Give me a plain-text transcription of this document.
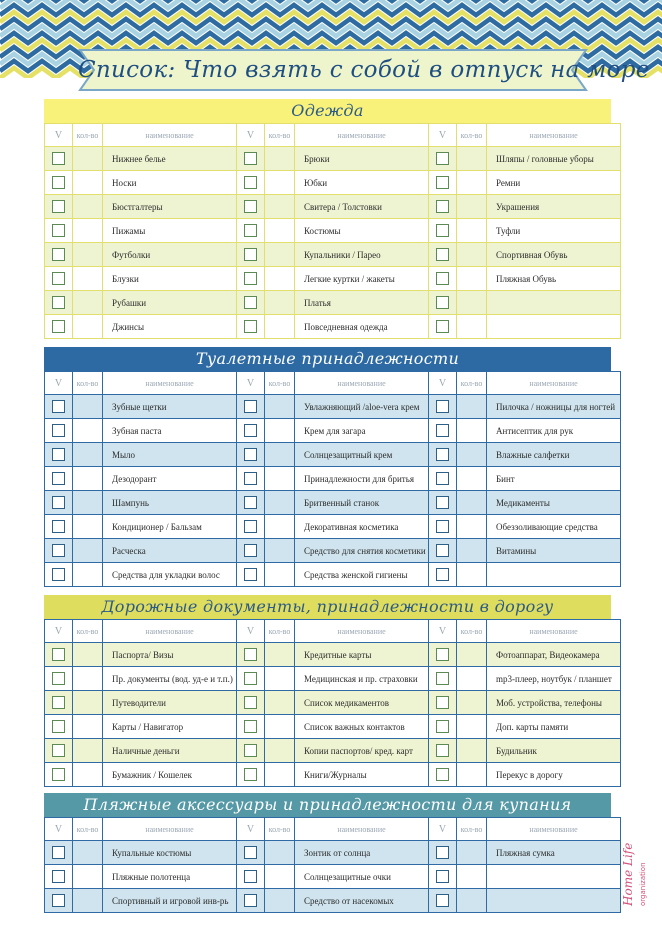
Список: Что взять с собой в отпуск на море
Одежда
V	кол-во	наименование	V	кол-во	наименование	V	кол-во	наименование

		Нижнее белье			Брюки			Шляпы / головные уборы

		Носки			Юбки			Ремни

		Бюстгалтеры			Свитера / Толстовки			Украшения

		Пижамы			Костюмы			Туфли

		Футболки			Купальники / Парео			Спортивная Обувь

		Блузки			Легкие куртки / жакеты			Пляжная Обувь

		Рубашки			Платья	

		Джинсы			Повседневная одежда	

Туалетные принадлежности
V	кол-во	наименование	V	кол-во	наименование	V	кол-во	наименование

		Зубные щетки			Увлажняющий /aloe-vera крем			Пилочка / ножницы для ногтей

		Зубная паста			Крем для загара			Антисептик для рук

		Мыло			Солнцезащитный крем			Влажные салфетки

		Дезодорант			Принадлежности для бритья			Бинт

		Шампунь			Бритвенный станок			Медикаменты

		Кондиционер / Бальзам			Декоративная косметика			Обеззоливающие средства

		Расческа			Средство для снятия косметики			Витамины

		Средства для укладки волос			Средства женской гигиены	

Дорожные документы, принадлежности в дорогу
V	кол-во	наименование	V	кол-во	наименование	V	кол-во	наименование

		Паспорта/ Визы			Кредитные карты			Фотоаппарат, Видеокамера

		Пр. документы (вод. уд-е и т.п.)			Медицинская и пр. страховки			mp3-плеер, ноутбук / планшет

		Путеводители			Список медикаментов			Моб. устройства, телефоны

		Карты / Навигатор			Список важных контактов			Доп. карты памяти

		Наличные деньги			Копии паспортов/ кред. карт			Будильник

		Бумажник / Кошелек			Книги/Журналы			Перекус в дорогу
Пляжные аксессуары и принадлежности для купания
V	кол-во	наименование	V	кол-во	наименование	V	кол-во	наименование

		Купальные костюмы			Зонтик от солнца			Пляжная сумка

		Пляжные полотенца			Солнцезащитные очки	

		Спортивный и игровой инв-рь			Средство от насекомых	
			Home Life organization
